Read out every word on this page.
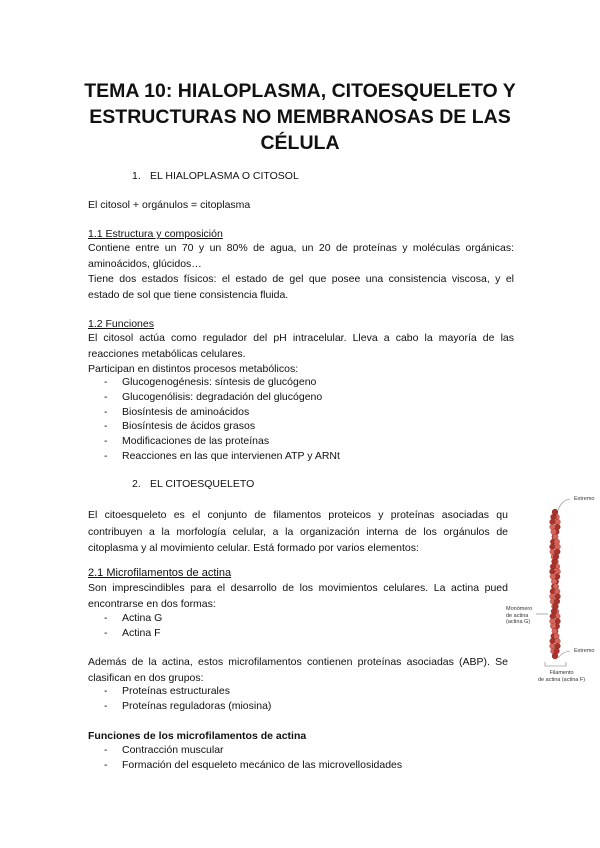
TEMA 10: HIALOPLASMA, CITOESQUELETO Y
ESTRUCTURAS NO MEMBRANOSAS DE LAS
CÉLULA
1. EL HIALOPLASMA O CITOSOL
El citosol + orgánulos = citoplasma
1.1 Estructura y composición
Contiene entre un 70 y un 80% de agua, un 20 de proteínas y moléculas orgánicas:
aminoácidos, glúcidos…
Tiene dos estados físicos: el estado de gel que posee una consistencia viscosa, y el
estado de sol que tiene consistencia fluida.
1.2 Funciones
El citosol actúa como regulador del pH intracelular. Lleva a cabo la mayoría de las
reacciones metabólicas celulares.
Participan en distintos procesos metabólicos:
- Glucogenogénesis: síntesis de glucógeno
- Glucogenólisis: degradación del glucógeno
- Biosíntesis de aminoácidos
- Biosíntesis de ácidos grasos
- Modificaciones de las proteínas
- Reacciones en las que intervienen ATP y ARNt
2. EL CITOESQUELETO
El citoesqueleto es el conjunto de filamentos proteicos y proteínas asociadas qu
contribuyen a la morfología celular, a la organización interna de los orgánulos de
citoplasma y al movimiento celular. Está formado por varios elementos:
2.1 Microfilamentos de actina
Son imprescindibles para el desarrollo de los movimientos celulares. La actina pued
encontrarse en dos formas:
- Actina G
- Actina F
Además de la actina, estos microfilamentos contienen proteínas asociadas (ABP). Se
clasifican en dos grupos:
- Proteínas estructurales
- Proteínas reguladoras (miosina)
Funciones de los microfilamentos de actina
- Contracción muscular
- Formación del esqueleto mecánico de las microvellosidades
Extremo
Extremo
Monómero
de actina
(actina G)
Filamento
de actina (actina F)
